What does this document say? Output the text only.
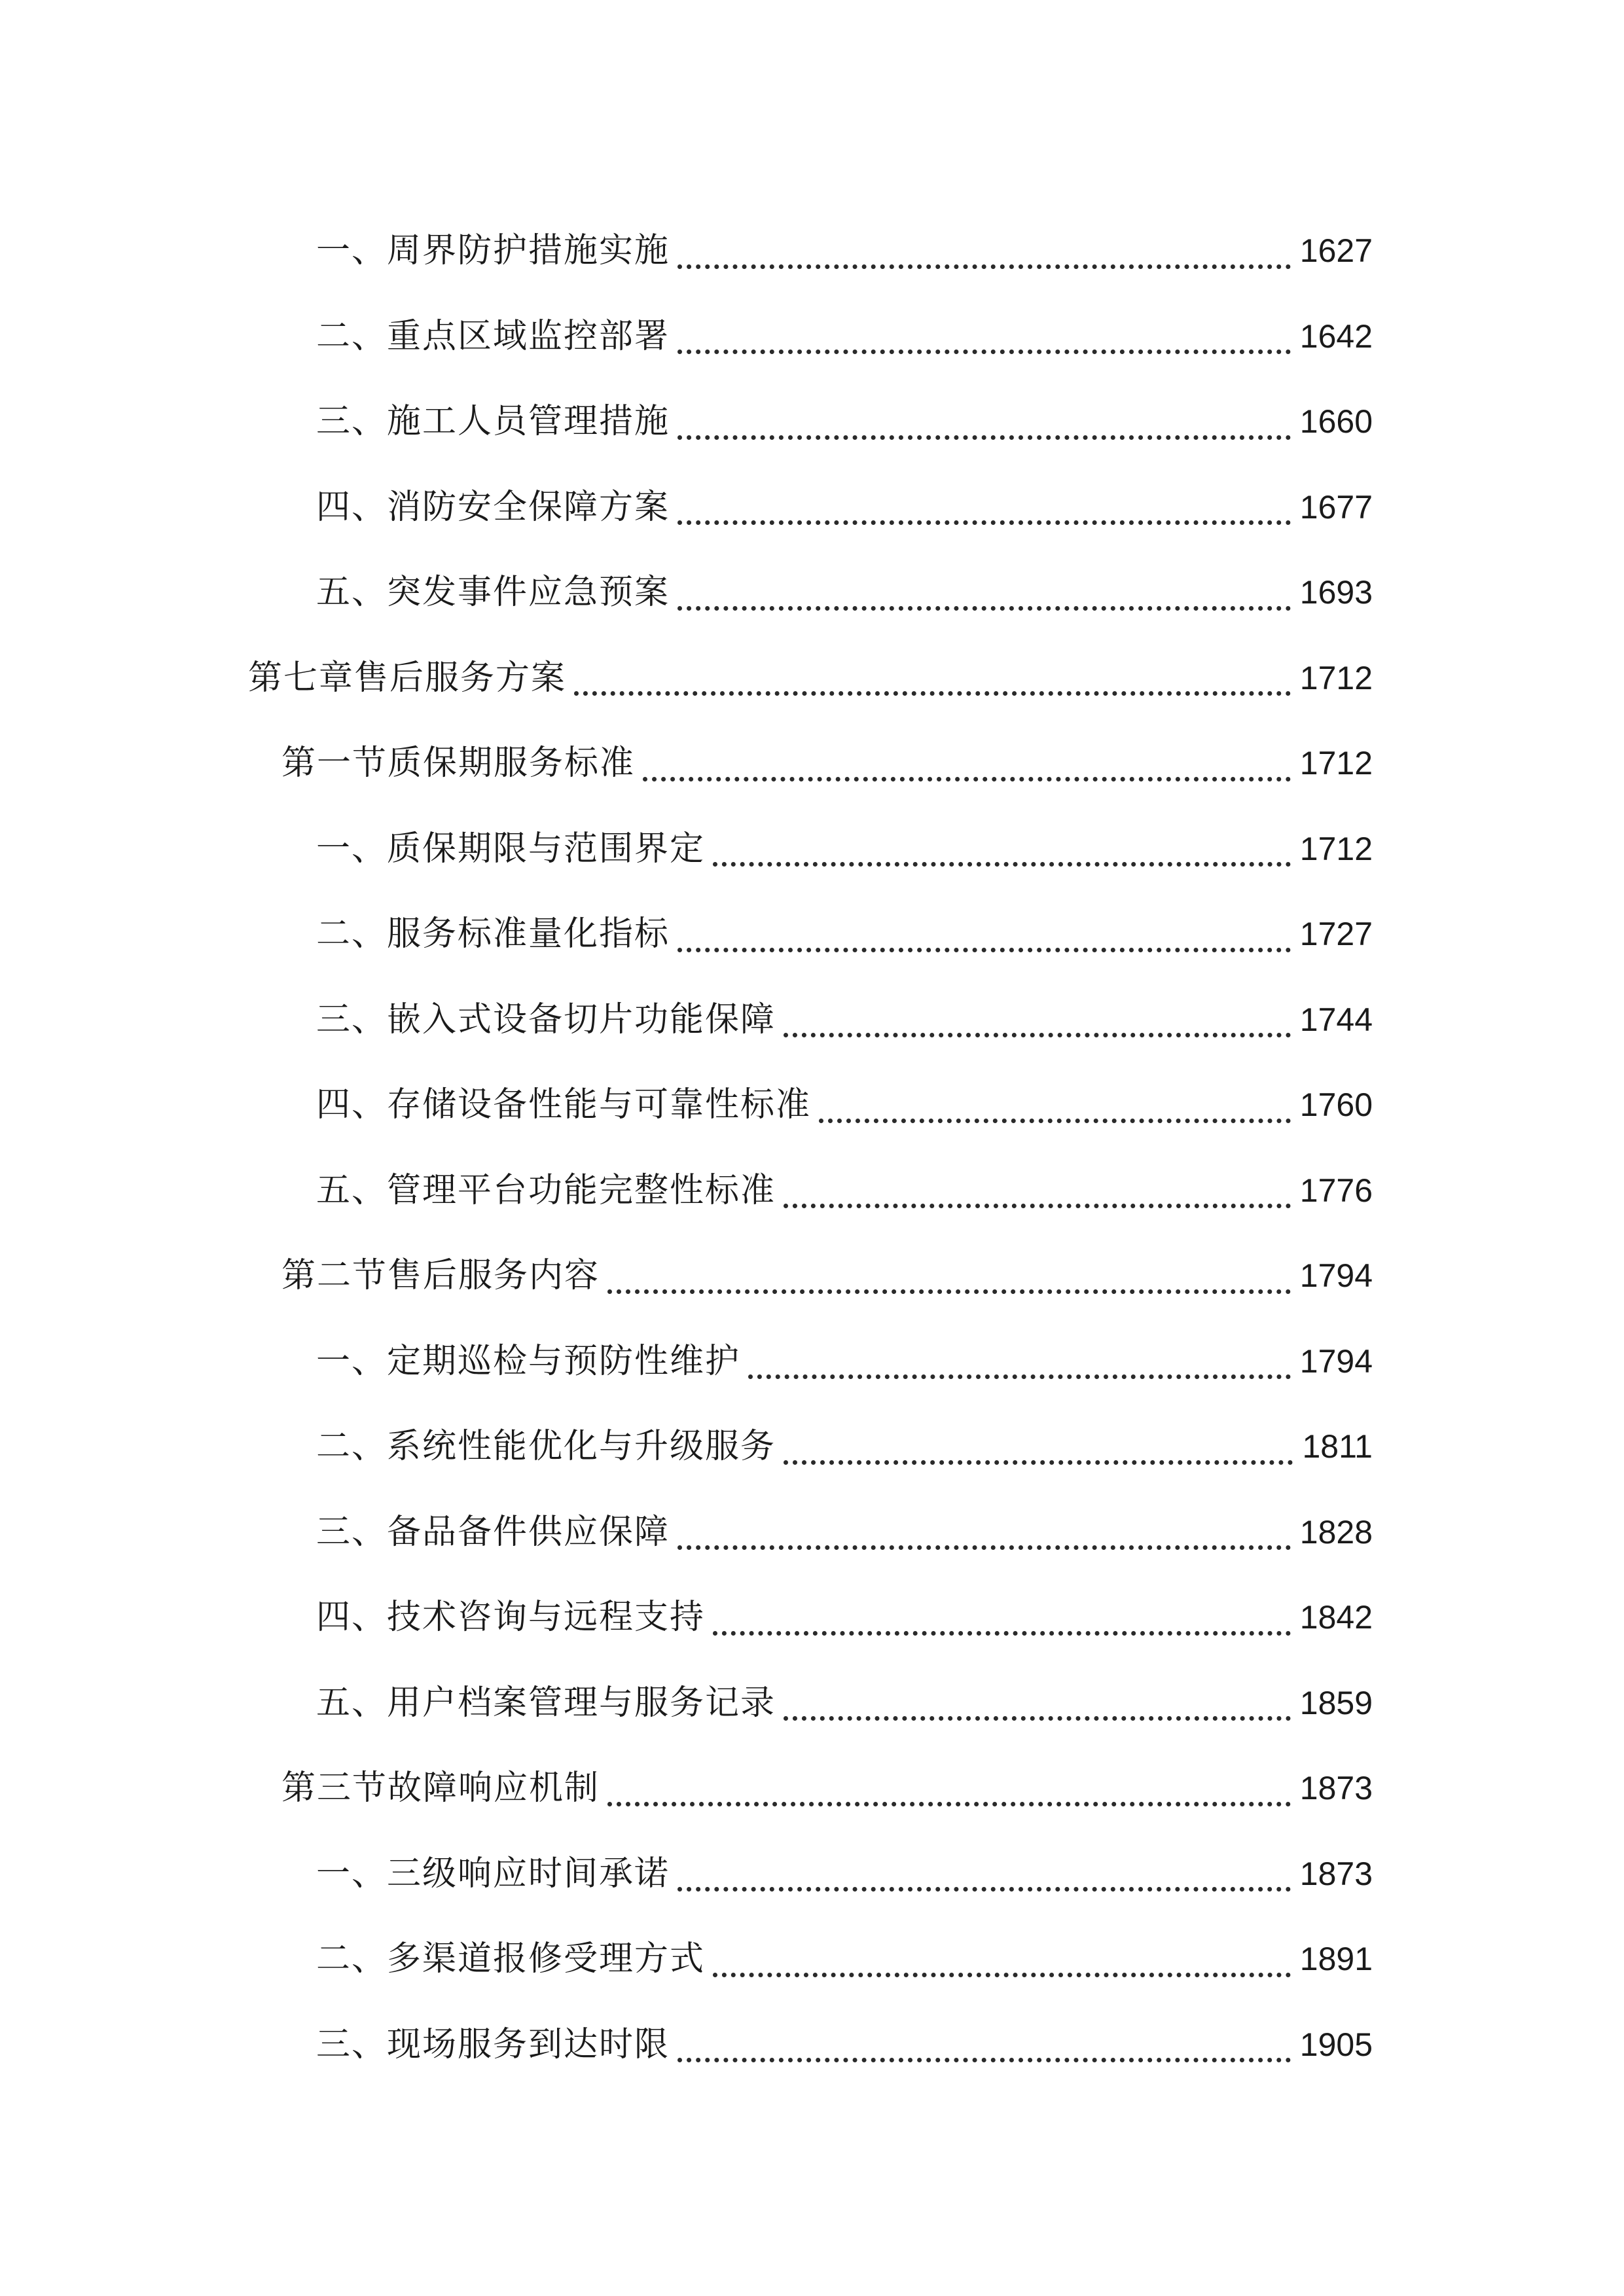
一、周界防护措施实施	1627
二、重点区域监控部署	1642
三、施工人员管理措施	1660
四、消防安全保障方案	1677
五、突发事件应急预案	1693
第七章售后服务方案	1712
第一节质保期服务标准	1712
一、质保期限与范围界定	1712
二、服务标准量化指标	1727
三、嵌入式设备切片功能保障	1744
四、存储设备性能与可靠性标准	1760
五、管理平台功能完整性标准	1776
第二节售后服务内容	1794
一、定期巡检与预防性维护	1794
二、系统性能优化与升级服务	1811
三、备品备件供应保障	1828
四、技术咨询与远程支持	1842
五、用户档案管理与服务记录	1859
第三节故障响应机制	1873
一、三级响应时间承诺	1873
二、多渠道报修受理方式	1891
三、现场服务到达时限	1905
